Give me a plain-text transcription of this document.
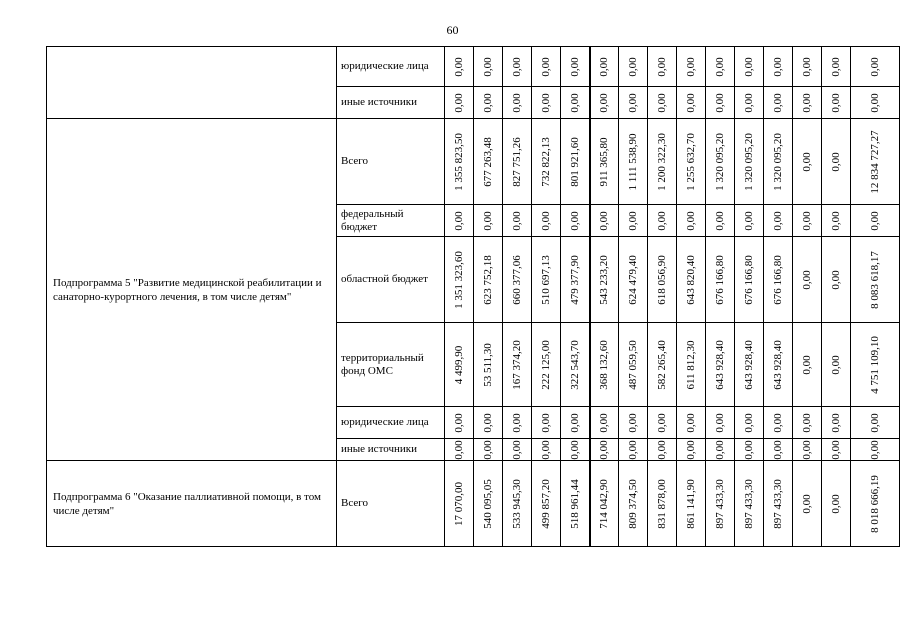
60
	юридические лица	0,00	0,00	0,00	0,00	0,00	0,00	0,00	0,00	0,00	0,00	0,00	0,00	0,00	0,00	0,00

	иные источники	0,00	0,00	0,00	0,00	0,00	0,00	0,00	0,00	0,00	0,00	0,00	0,00	0,00	0,00	0,00

Подпрограмма 5 "Развитие медицинской реабилитации и санаторно-курортного лечения, в том числе детям"	Всего	1 355 823,50	677 263,48	827 751,26	732 822,13	801 921,60	911 365,80	1 111 538,90	1 200 322,30	1 255 632,70	1 320 095,20	1 320 095,20	1 320 095,20	0,00	0,00	12 834 727,27

	федеральный бюджет	0,00	0,00	0,00	0,00	0,00	0,00	0,00	0,00	0,00	0,00	0,00	0,00	0,00	0,00	0,00

	областной бюджет	1 351 323,60	623 752,18	660 377,06	510 697,13	479 377,90	543 233,20	624 479,40	618 056,90	643 820,40	676 166,80	676 166,80	676 166,80	0,00	0,00	8 083 618,17

	территориальный фонд ОМС	4 499,90	53 511,30	167 374,20	222 125,00	322 543,70	368 132,60	487 059,50	582 265,40	611 812,30	643 928,40	643 928,40	643 928,40	0,00	0,00	4 751 109,10

	юридические лица	0,00	0,00	0,00	0,00	0,00	0,00	0,00	0,00	0,00	0,00	0,00	0,00	0,00	0,00	0,00

	иные источники	0,00	0,00	0,00	0,00	0,00	0,00	0,00	0,00	0,00	0,00	0,00	0,00	0,00	0,00	0,00

Подпрограмма 6 "Оказание паллиативной помощи, в том числе детям"	Всего	17 070,00	540 095,05	533 945,30	499 857,20	518 961,44	714 042,90	809 374,50	831 878,00	861 141,90	897 433,30	897 433,30	897 433,30	0,00	0,00	8 018 666,19
